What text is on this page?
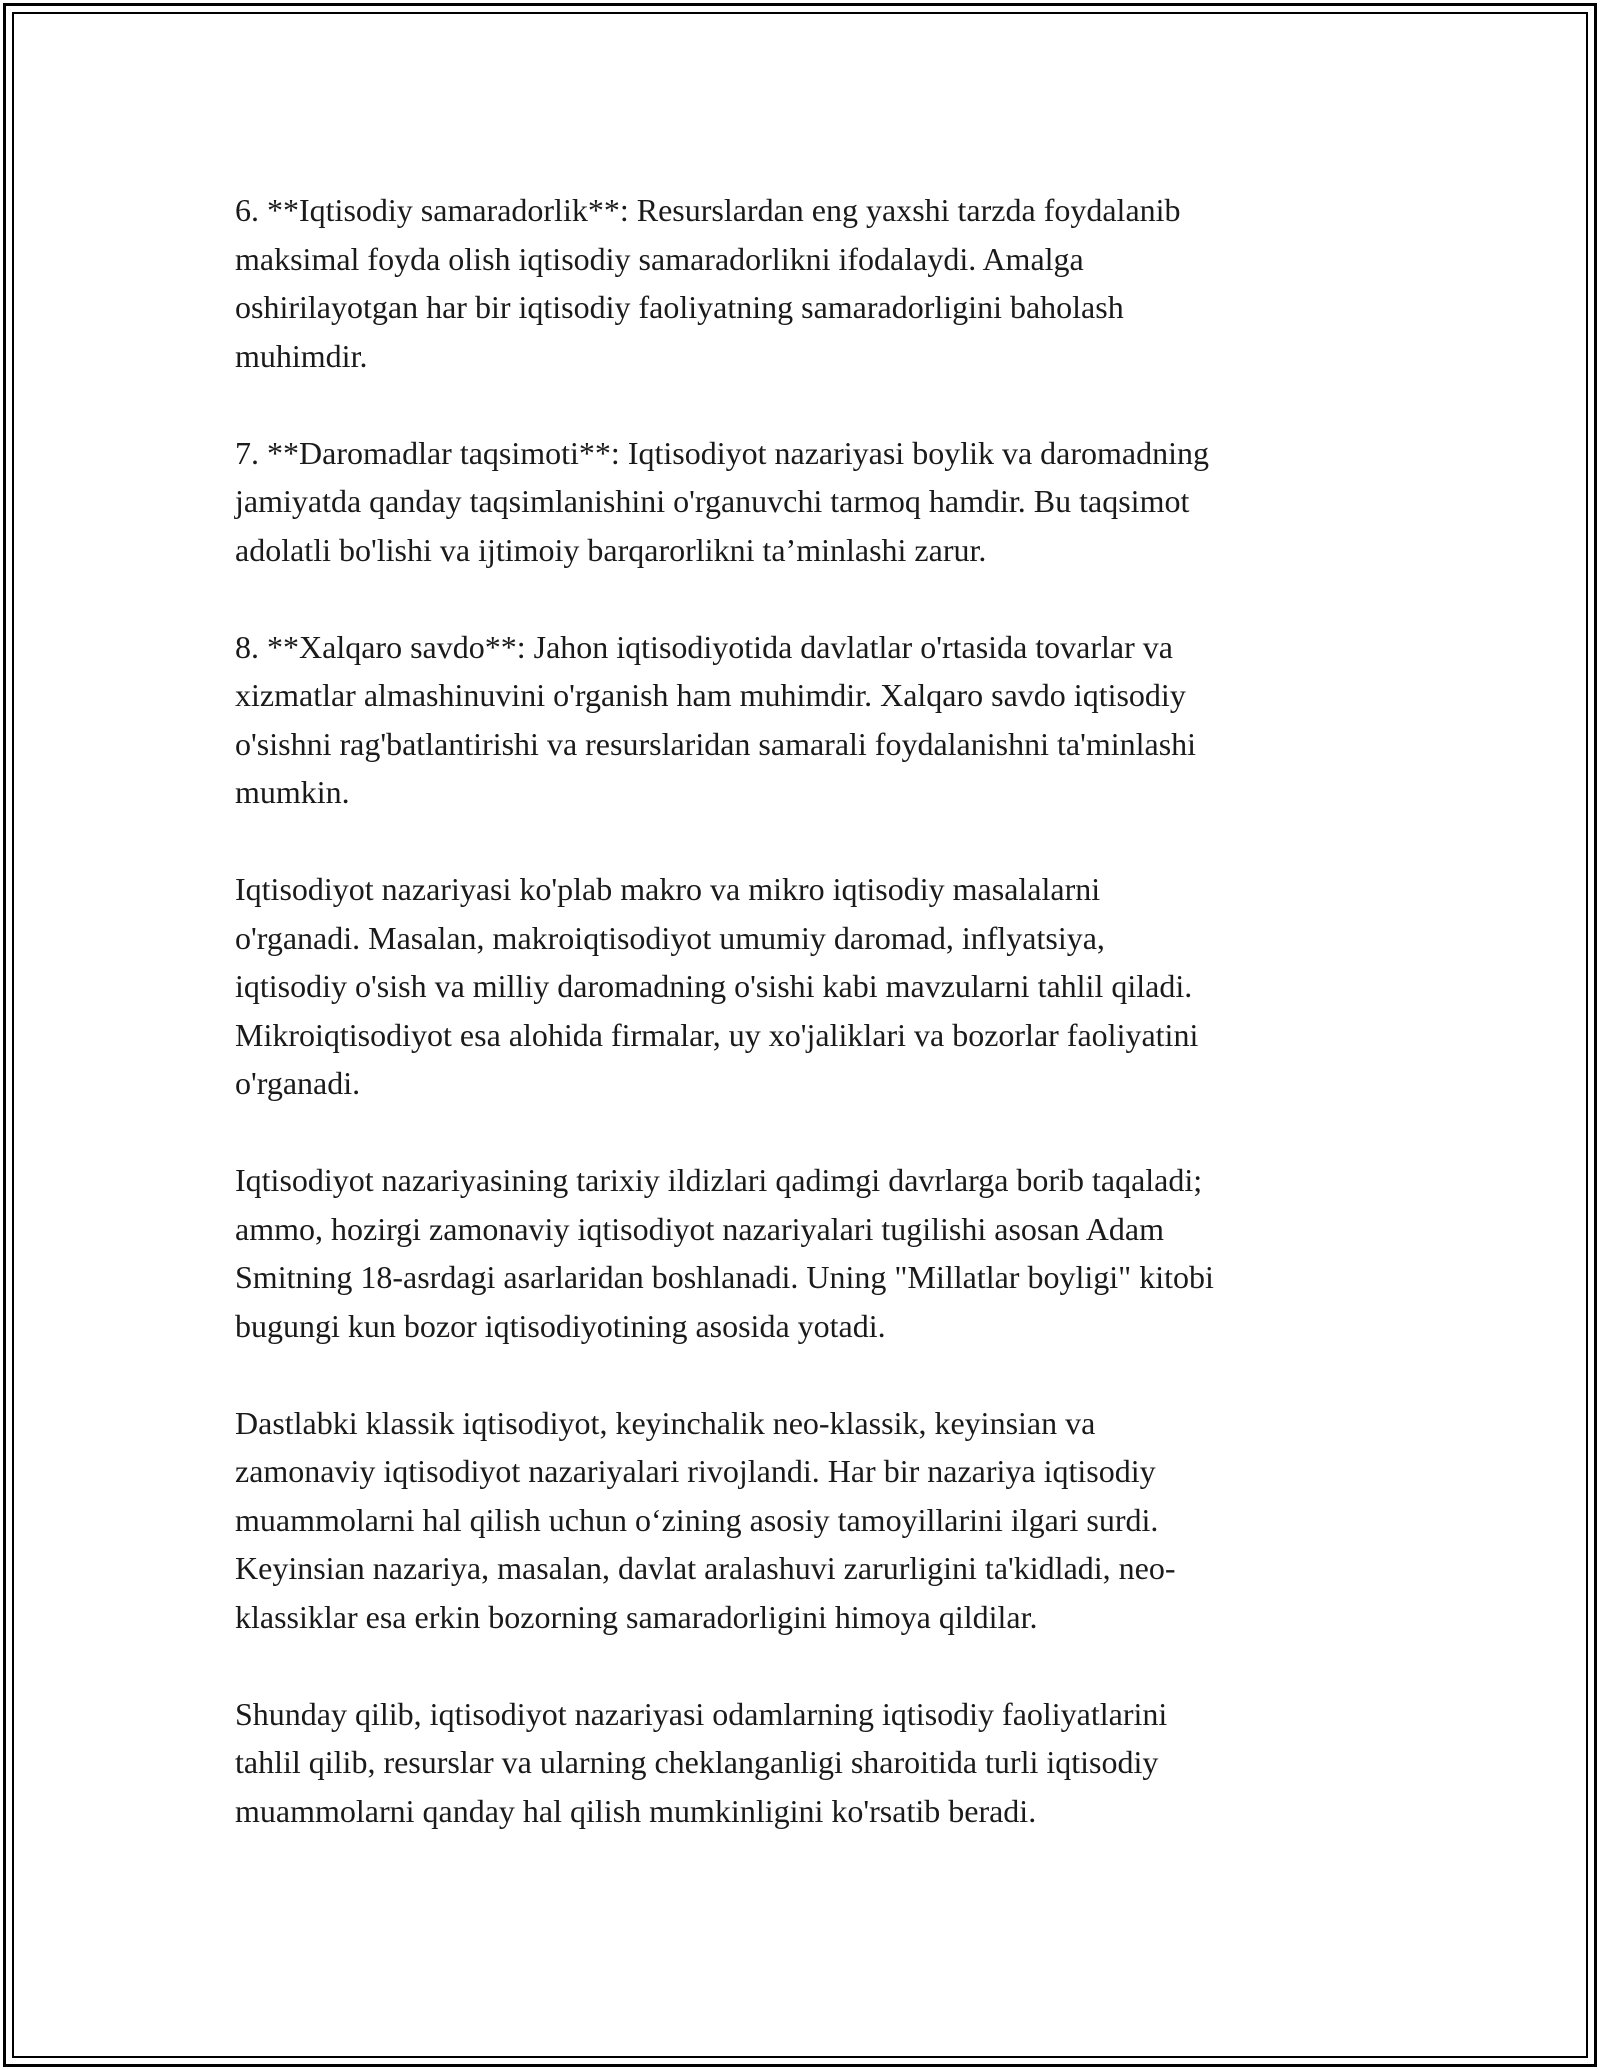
6. **Iqtisodiy samaradorlik**: Resurslardan eng yaxshi tarzda foydalanib
maksimal foyda olish iqtisodiy samaradorlikni ifodalaydi. Amalga
oshirilayotgan har bir iqtisodiy faoliyatning samaradorligini baholash
muhimdir.

7. **Daromadlar taqsimoti**: Iqtisodiyot nazariyasi boylik va daromadning
jamiyatda qanday taqsimlanishini o'rganuvchi tarmoq hamdir. Bu taqsimot
adolatli bo'lishi va ijtimoiy barqarorlikni ta’minlashi zarur.

8. **Xalqaro savdo**: Jahon iqtisodiyotida davlatlar o'rtasida tovarlar va
xizmatlar almashinuvini o'rganish ham muhimdir. Xalqaro savdo iqtisodiy
o'sishni rag'batlantirishi va resurslaridan samarali foydalanishni ta'minlashi
mumkin.

Iqtisodiyot nazariyasi ko'plab makro va mikro iqtisodiy masalalarni
o'rganadi. Masalan, makroiqtisodiyot umumiy daromad, inflyatsiya,
iqtisodiy o'sish va milliy daromadning o'sishi kabi mavzularni tahlil qiladi.
Mikroiqtisodiyot esa alohida firmalar, uy xo'jaliklari va bozorlar faoliyatini
o'rganadi.

Iqtisodiyot nazariyasining tarixiy ildizlari qadimgi davrlarga borib taqaladi;
ammo, hozirgi zamonaviy iqtisodiyot nazariyalari tugilishi asosan Adam
Smitning 18-asrdagi asarlaridan boshlanadi. Uning "Millatlar boyligi" kitobi
bugungi kun bozor iqtisodiyotining asosida yotadi.

Dastlabki klassik iqtisodiyot, keyinchalik neo-klassik, keyinsian va
zamonaviy iqtisodiyot nazariyalari rivojlandi. Har bir nazariya iqtisodiy
muammolarni hal qilish uchun o‘zining asosiy tamoyillarini ilgari surdi.
Keyinsian nazariya, masalan, davlat aralashuvi zarurligini ta'kidladi, neo-
klassiklar esa erkin bozorning samaradorligini himoya qildilar.

Shunday qilib, iqtisodiyot nazariyasi odamlarning iqtisodiy faoliyatlarini
tahlil qilib, resurslar va ularning cheklanganligi sharoitida turli iqtisodiy
muammolarni qanday hal qilish mumkinligini ko'rsatib beradi.
